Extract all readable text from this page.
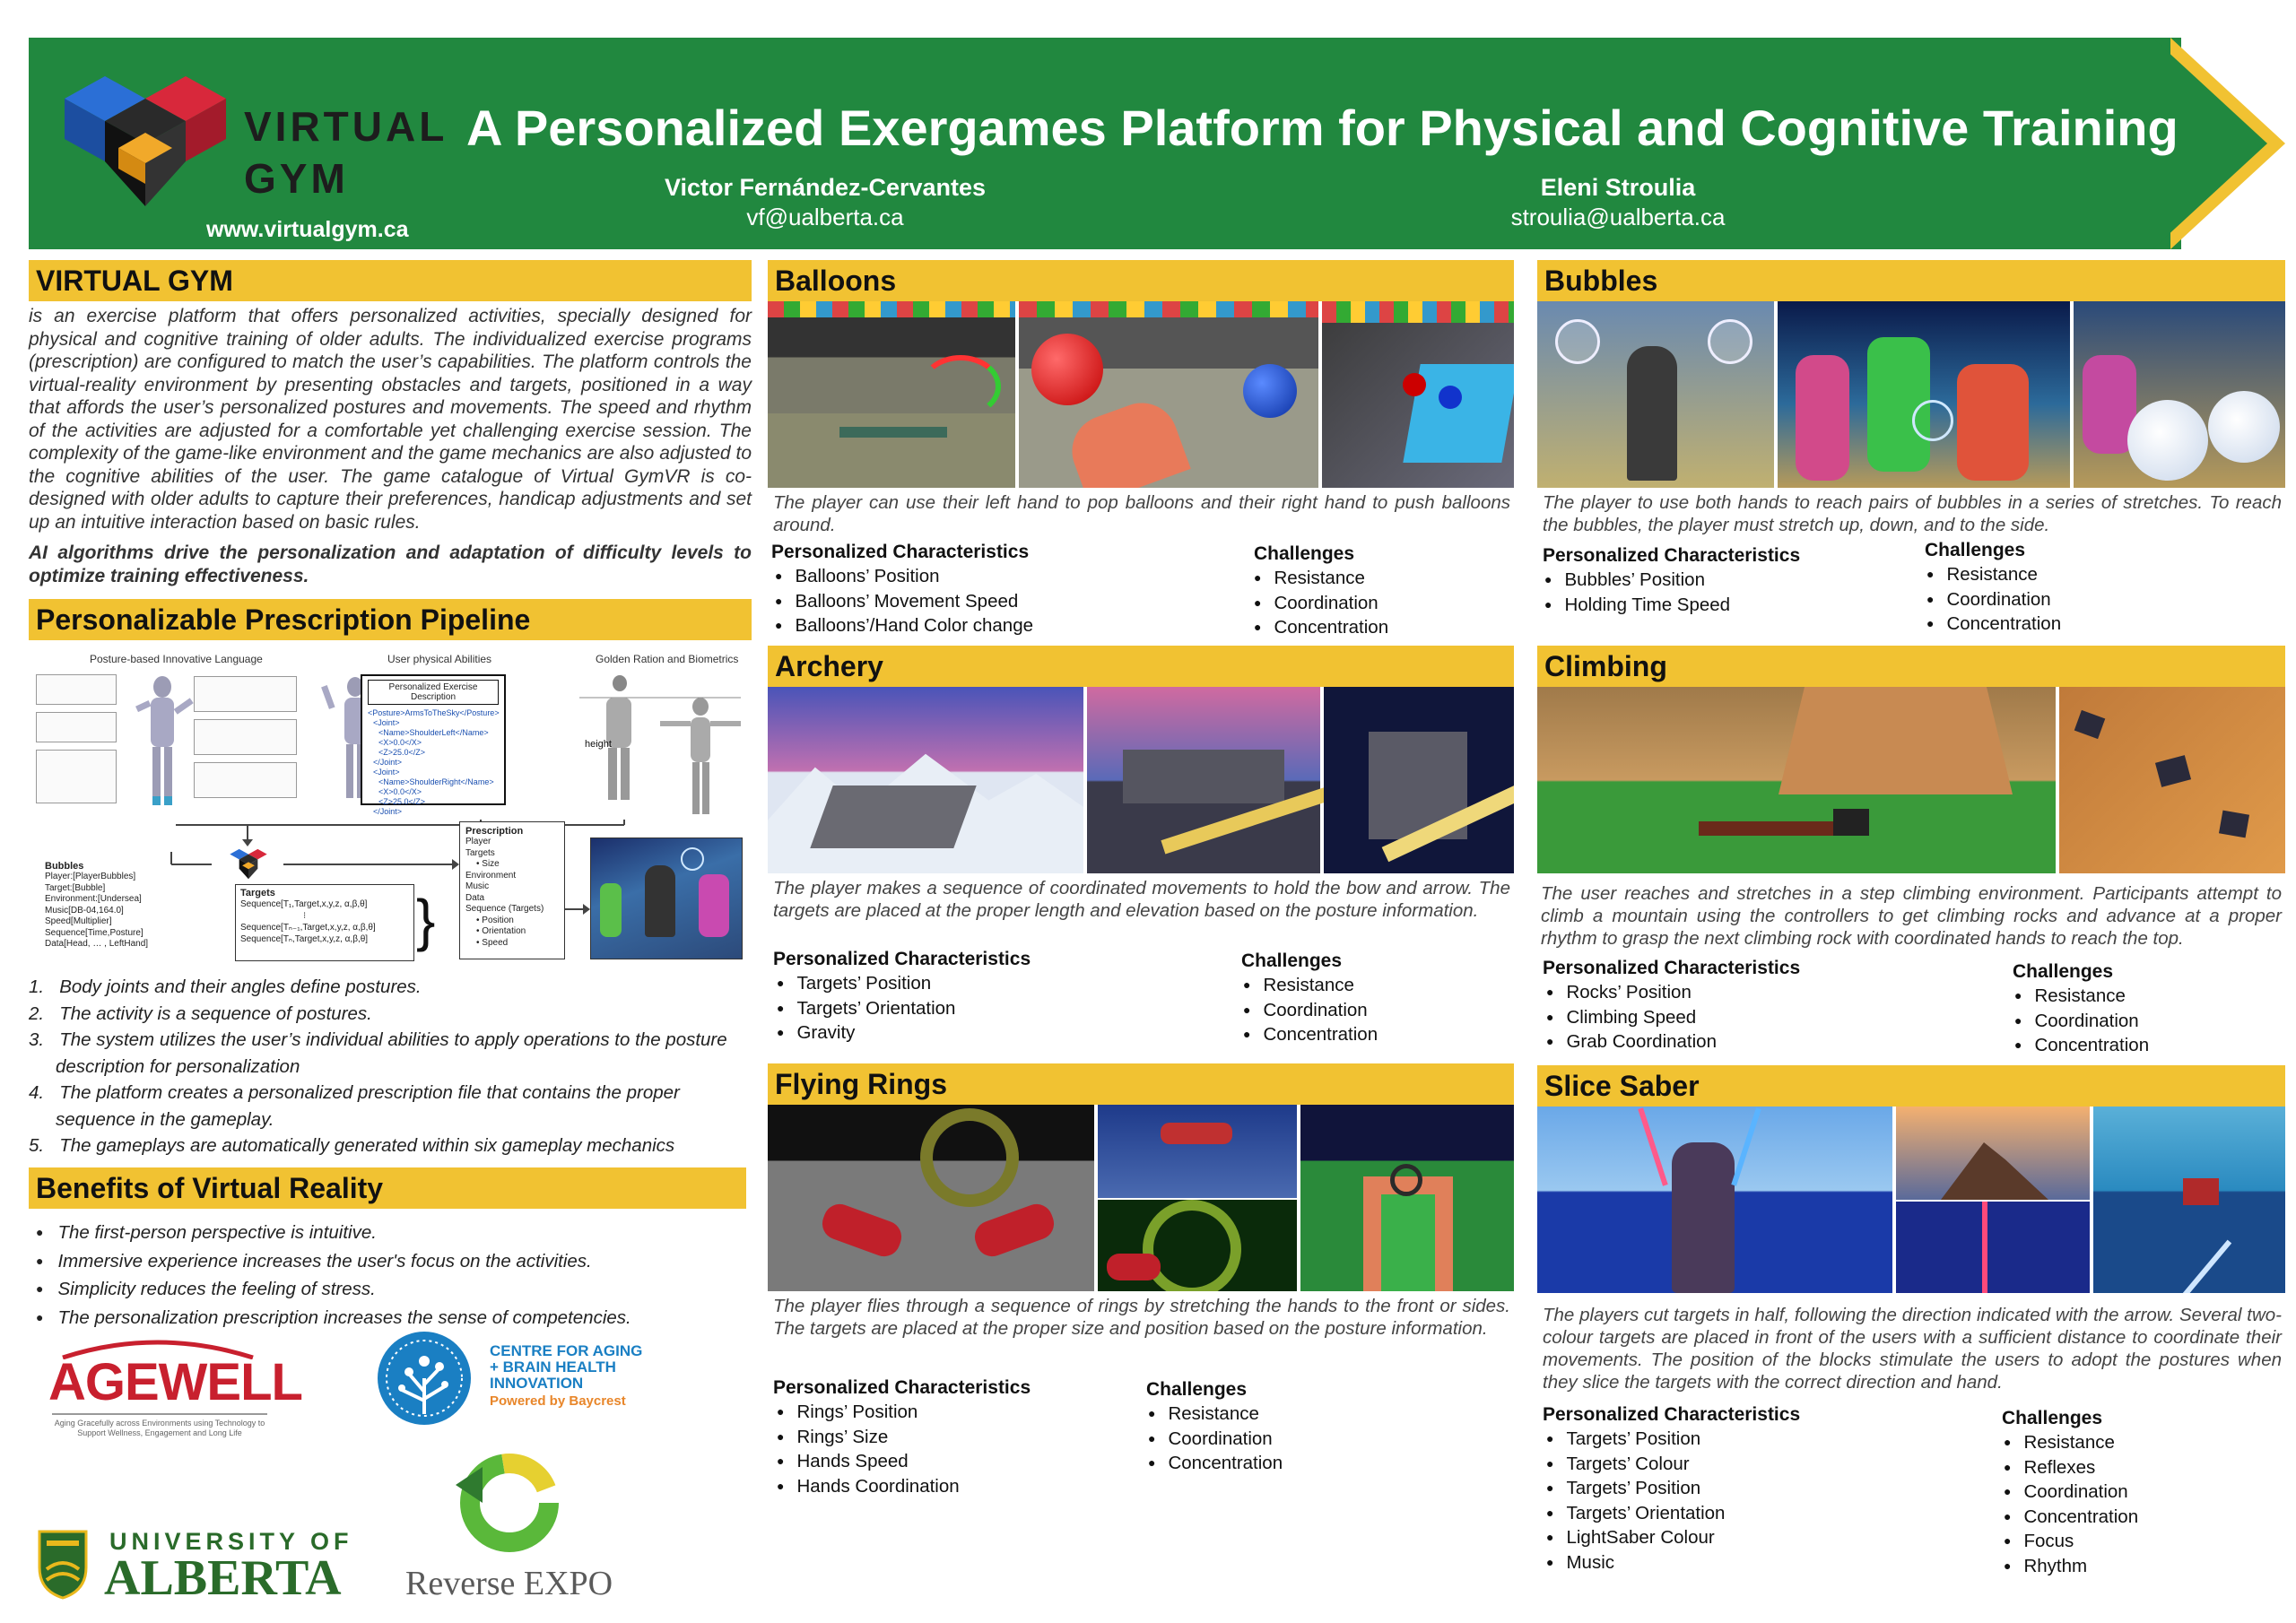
VIRTUAL
GYM
www.virtualgym.ca
A Personalized Exergames Platform for Physical and Cognitive Training
Victor Fernández-Cervantes
vf@ualberta.ca
Eleni Stroulia
stroulia@ualberta.ca
VIRTUAL GYM
is an exercise platform that offers personalized activities, specially designed for physical and cognitive training of older adults. The individualized exercise programs (prescription) are configured to match the user’s capabilities. The platform controls the virtual-reality environment by presenting obstacles and targets, positioned in a way that affords the user’s personalized postures and movements. The speed and rhythm of the activities are adjusted for a comfortable yet challenging exercise session. The complexity of the game-like environment and the game mechanics are also adjusted to the cognitive abilities of the user. The game catalogue of Virtual GymVR is co-designed with older adults to capture their preferences, handicap adjustments and set up an intuitive interaction based on basic rules.
AI algorithms drive the personalization and adaptation of difficulty levels to optimize training effectiveness.
Personalizable Prescription Pipeline
Posture-based Innovative Language	User physical Abilities	Golden Ration and Biometrics
Personalized Exercise Description
<Posture>ArmsToTheSky</Posture>
<Joint>
<Name>ShoulderLeft</Name>
<X>0.0</X>
<Z>25.0</Z>
</Joint>
<Joint>
<Name>ShoulderRight</Name>
<X>0.0</X>
<Z>25.0</Z>
</Joint>
height
Prescription
Player
Targets
• Size
Environment
Music
Data
Sequence (Targets)
• Position
• Orientation
• Speed
Bubbles
Player:[PlayerBubbles]
Target:[Bubble]
Environment:[Undersea]
Music[DB-04,164.0]
Speed[Multiplier]
Sequence[Time,Posture]
Data[Head, … , LeftHand]
Targets
Sequence[T₁,Target,x,y,z, α,β,θ]
⁝
Sequence[Tₙ₋₁,Target,x,y,z, α,β,θ]
Sequence[Tₙ,Target,x,y,z, α,β,θ] }
1.   Body joints and their angles define postures.
2.   The activity is a sequence of postures.
3.   The system utilizes the user’s individual abilities to apply operations to the posture description for personalization
4.   The platform creates a personalized prescription file that contains the proper sequence in the gameplay.
5.   The gameplays are automatically generated within six gameplay mechanics
Benefits of Virtual Reality
● The first-person perspective is intuitive.
● Immersive experience increases the user's focus on the activities.
● Simplicity reduces the feeling of stress.
● The personalization prescription increases the sense of competencies.
AGEWELL
Aging Gracefully across Environments using Technology to Support Wellness, Engagement and Long Life
CENTRE FOR AGING
+ BRAIN HEALTH
INNOVATION
Powered by Baycrest
UNIVERSITY OF
ALBERTA Reverse EXPO
Balloons
The player can use their left hand to pop balloons and their right hand to push balloons around.
Personalized Characteristics
● Balloons’ Position
● Balloons’ Movement Speed
● Balloons’/Hand Color change
Challenges
● Resistance
● Coordination
● Concentration
Bubbles
The player to use both hands to reach pairs of bubbles in a series of stretches. To reach the bubbles, the player must stretch up, down, and to the side.
Personalized Characteristics
● Bubbles’ Position
● Holding Time Speed
Challenges
● Resistance
● Coordination
● Concentration
Archery
The player makes a sequence of coordinated movements to hold the bow and arrow. The targets are placed at the proper length and elevation based on the posture information.
Personalized Characteristics
● Targets’ Position
● Targets’ Orientation
● Gravity
Challenges
● Resistance
● Coordination
● Concentration
Climbing
The user reaches and stretches in a step climbing environment. Participants attempt to climb a mountain using the controllers to get climbing rocks and advance at a proper rhythm to grasp the next climbing rock with coordinated hands to reach the top.
Personalized Characteristics
● Rocks’ Position
● Climbing Speed
● Grab Coordination
Challenges
● Resistance
● Coordination
● Concentration
Flying Rings
The player flies through a sequence of rings by stretching the hands to the front or sides. The targets are placed at the proper size and position based on the posture information.
Personalized Characteristics
● Rings’ Position
● Rings’ Size
● Hands Speed
● Hands Coordination
Challenges
● Resistance
● Coordination
● Concentration
Slice Saber
The players cut targets in half, following the direction indicated with the arrow. Several two-colour targets are placed in front of the users with a sufficient distance to coordinate their movements. The position of the blocks stimulate the users to adopt the postures when they slice the targets with the correct direction and hand.
Personalized Characteristics
● Targets’ Position
● Targets’ Colour
● Targets’ Position
● Targets’ Orientation
● LightSaber Colour
● Music
Challenges
● Resistance
● Reflexes
● Coordination
● Concentration
● Focus
● Rhythm
